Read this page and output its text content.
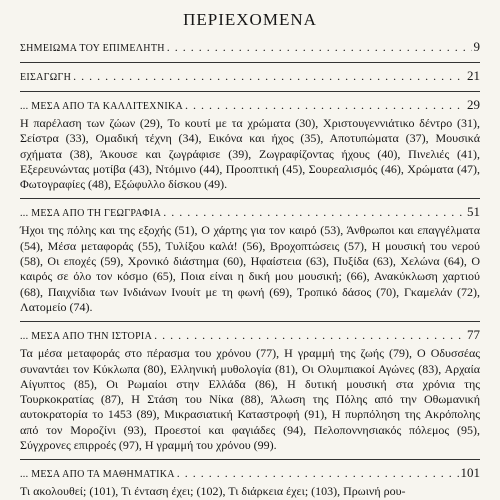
ΠΕΡΙΕΧΟΜΕΝΑ
ΣΗΜΕΙΩΜΑ ΤΟΥ ΕΠΙΜΕΛΗΤΗ . . .	9
ΕΙΣΑΓΩΓΗ . . .	21
... ΜΕΣΑ ΑΠΟ ΤΑ ΚΑΛΛΙΤΕΧΝΙΚΑ . . .	29
Η παρέλαση των ζώων (29), Το κουτί με τα χρώματα (30), Χριστουγεννιάτικο δέντρο (31), Σείστρα (33), Ομαδική τέχνη (34), Εικόνα και ήχος (35), Αποτυπώματα (37), Μουσικά σχήματα (38), Άκουσε και ζωγράφισε (39), Ζωγραφίζοντας ήχους (40), Πινελιές (41), Εξερευνώντας μοτίβα (43), Ντόμινο (44), Προοπτική (45), Σουρεαλισμός (46), Χρώματα (47), Φωτογραφίες (48), Εξώφυλλο δίσκου (49).
... ΜΕΣΑ ΑΠΟ ΤΗ ΓΕΩΓΡΑΦΙΑ . . .	51
Ήχοι της πόλης και της εξοχής (51), Ο χάρτης για τον καιρό (53), Άνθρωποι και επαγγέλματα (54), Μέσα μεταφοράς (55), Τυλίξου καλά! (56), Βροχοπτώσεις (57), Η μουσική του νερού (58), Οι εποχές (59), Χρονικό διάστημα (60), Ηφαίστεια (63), Πυξίδα (63), Χελώνα (64), Ο καιρός σε όλο τον κόσμο (65), Ποια είναι η δική μου μουσική; (66), Ανακύκλωση χαρτιού (68), Παιχνίδια των Ινδιάνων Ινουίτ με τη φωνή (69), Τροπικό δάσος (70), Γκαμελάν (72), Λατομείο (74).
... ΜΕΣΑ ΑΠΟ ΤΗΝ ΙΣΤΟΡΙΑ . . .	77
Τα μέσα μεταφοράς στο πέρασμα του χρόνου (77), Η γραμμή της ζωής (79), Ο Οδυσσέας συναντάει τον Κύκλωπα (80), Ελληνική μυθολογία (81), Οι Ολυμπιακοί Αγώνες (83), Αρχαία Αίγυπτος (85), Οι Ρωμαίοι στην Ελλάδα (86), Η δυτική μουσική στα χρόνια της Τουρκοκρατίας (87), Η Στάση του Νίκα (88), Άλωση της Πόλης από την Οθωμανική αυτοκρατορία το 1453 (89), Μικρασιατική Καταστροφή (91), Η πυρπόληση της Ακρόπολης από τον Μοροζίνι (93), Προεστοί και φαγιάδες (94), Πελοποννησιακός πόλεμος (95), Σύγχρονες επιρροές (97), Η γραμμή του χρόνου (99).
... ΜΕΣΑ ΑΠΟ ΤΑ ΜΑΘΗΜΑΤΙΚΑ . . .	101
Τι ακολουθεί; (101), Τι ένταση έχει; (102), Τι διάρκεια έχει; (103), Πρωινή ρου-
